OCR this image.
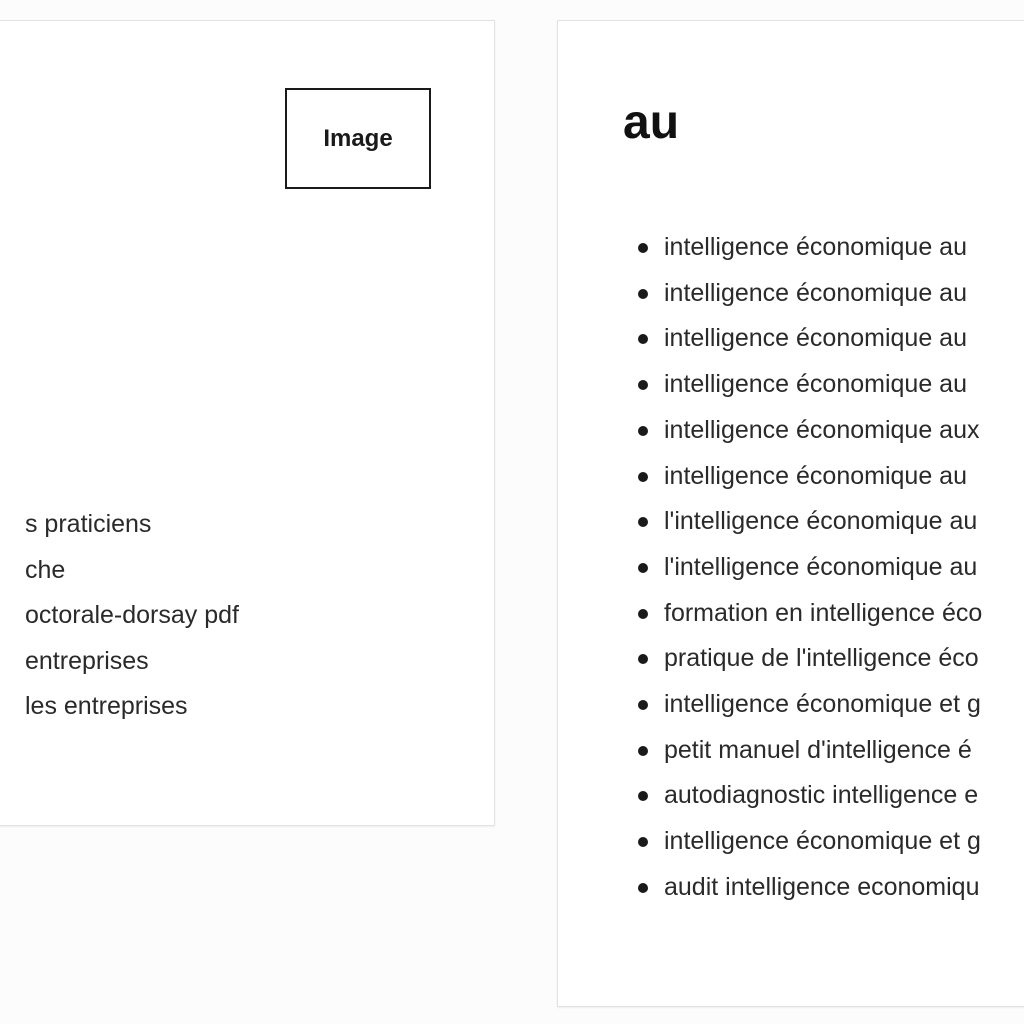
Image
s praticiens
che
octorale-dorsay pdf
entreprises
les entreprises
au
intelligence économique au
intelligence économique au
intelligence économique au
intelligence économique au
intelligence économique aux
intelligence économique au
l'intelligence économique au
l'intelligence économique au
formation en intelligence éco
pratique de l'intelligence éco
intelligence économique et g
petit manuel d'intelligence é
autodiagnostic intelligence e
intelligence économique et g
audit intelligence economiqu
